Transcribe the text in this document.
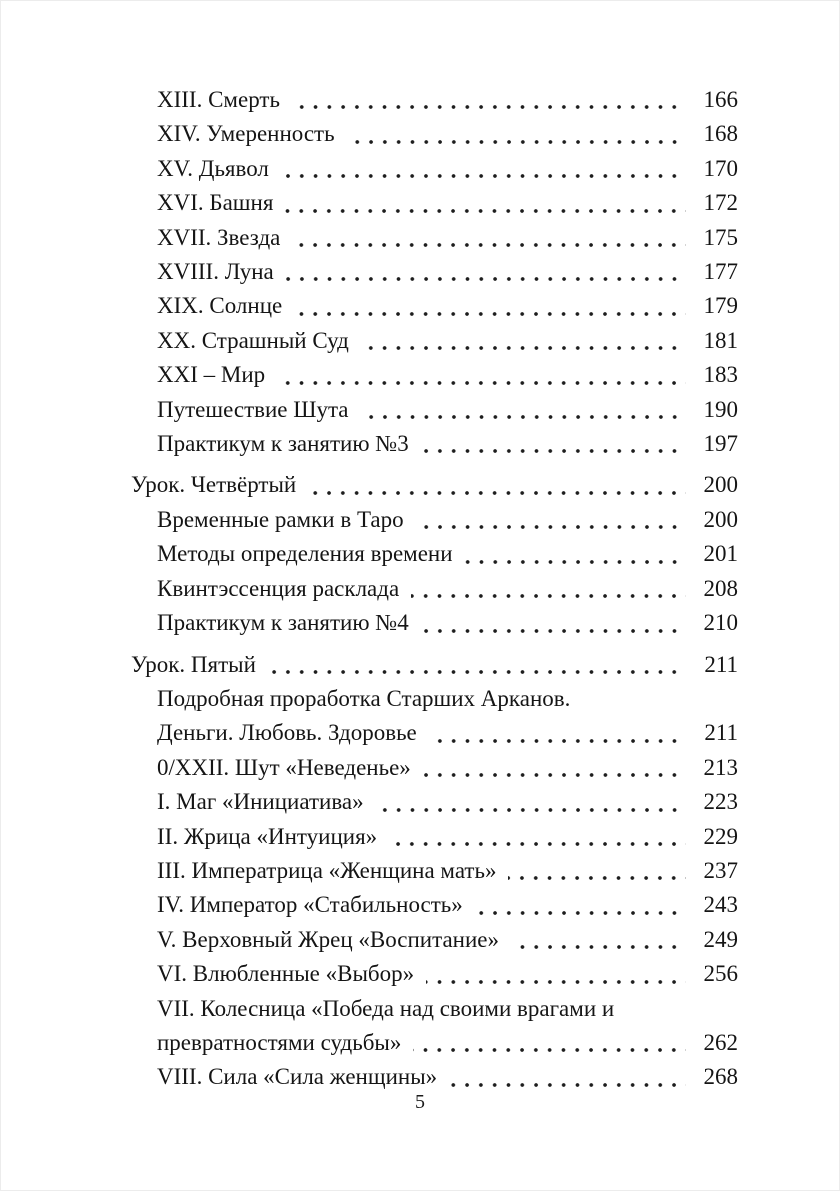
XIII. Смерть	166
XIV. Умеренность	168
XV. Дьявол	170
XVI. Башня	172
XVII. Звезда	175
XVIII. Луна	177
XIX. Солнце	179
XX. Страшный Суд	181
XXI – Мир	183
Путешествие Шута	190
Практикум к занятию №3	197
Урок. Четвёртый	200
Временные рамки в Таро	200
Методы определения времени	201
Квинтэссенция расклада	208
Практикум к занятию №4	210
Урок. Пятый	211
Подробная проработка Старших Арканов.
Деньги. Любовь. Здоровье	211
0/XXII. Шут «Неведенье»	213
I. Маг «Инициатива»	223
II. Жрица «Интуиция»	229
III. Императрица «Женщина мать»	237
IV. Император «Стабильность»	243
V. Верховный Жрец «Воспитание»	249
VI. Влюбленные «Выбор»	256
VII. Колесница «Победа над своими врагами и
превратностями судьбы»	262
VIII. Сила «Сила женщины»	268
5
